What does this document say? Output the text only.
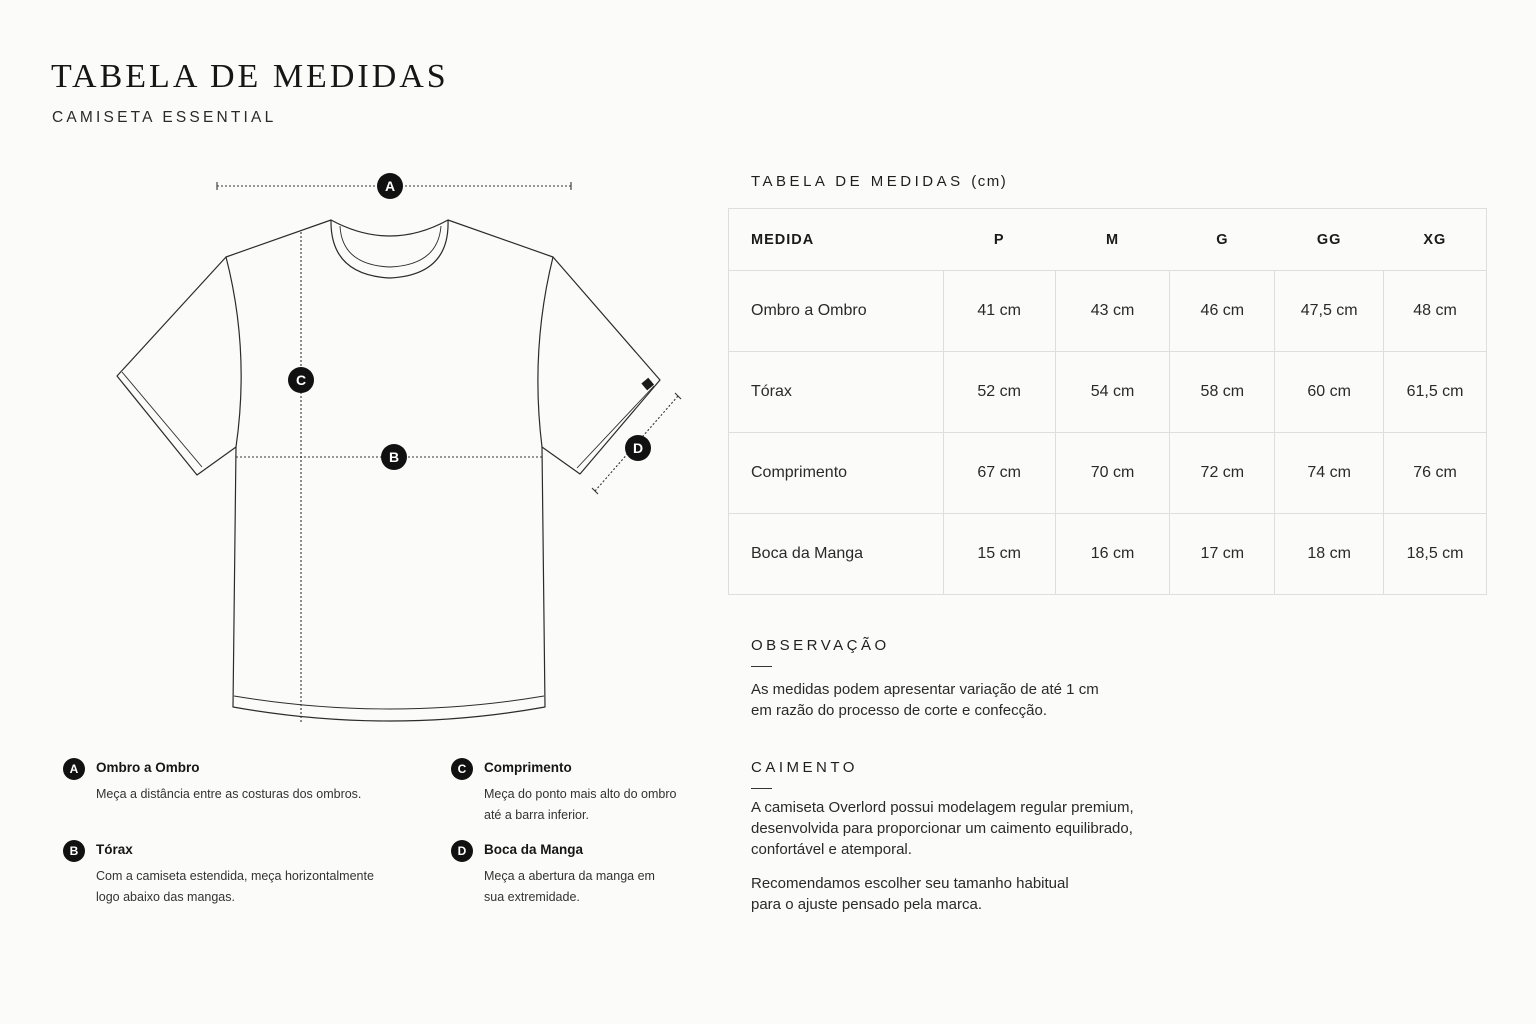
TABELA DE MEDIDAS
CAMISETA ESSENTIAL
A
B
C
D
A	Ombro a Ombro
Meça a distância entre as costuras dos ombros.
B	Tórax
Com a camiseta estendida, meça horizontalmente
logo abaixo das mangas.
C	Comprimento
Meça do ponto mais alto do ombro
até a barra inferior.
D	Boca da Manga
Meça a abertura da manga em
sua extremidade.
TABELA DE MEDIDAS (cm)
MEDIDA	P	M	G	GG	XG
Ombro a Ombro	41 cm	43 cm	46 cm	47,5 cm	48 cm
Tórax	52 cm	54 cm	58 cm	60 cm	61,5 cm
Comprimento	67 cm	70 cm	72 cm	74 cm	76 cm
Boca da Manga	15 cm	16 cm	17 cm	18 cm	18,5 cm
OBSERVAÇÃO
As medidas podem apresentar variação de até 1 cm
em razão do processo de corte e confecção.
CAIMENTO
A camiseta Overlord possui modelagem regular premium,
desenvolvida para proporcionar um caimento equilibrado,
confortável e atemporal.
Recomendamos escolher seu tamanho habitual
para o ajuste pensado pela marca.
